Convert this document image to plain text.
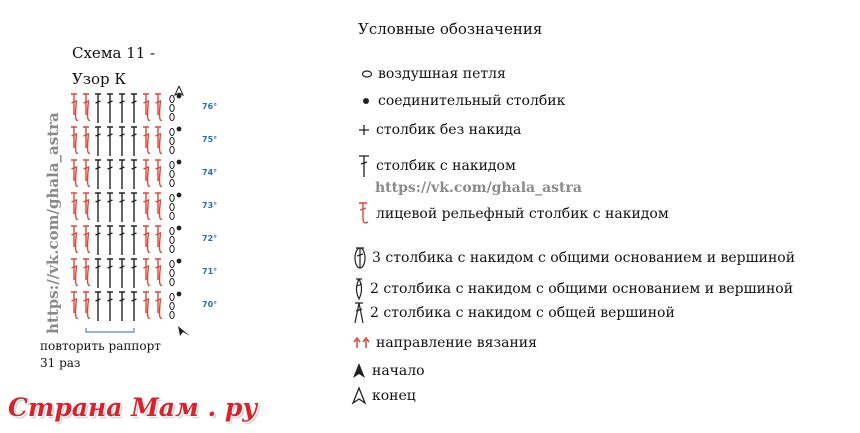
Схема 11 -
Узор К
https://vk.com/ghala_astra
76°
75°
74°
73°
72°
71°
70°
повторить раппорт
31 раз
Условные обозначения
воздушная петля
соединительный столбик
столбик без накида
столбик с накидом
https://vk.com/ghala_astra
лицевой рельефный столбик с накидом
3 столбика с накидом с общими основанием и вершиной
2 столбика с накидом с общими основанием и вершиной
2 столбика с накидом с общей вершиной
направление вязания
начало
конец
Страна Мам . ру
